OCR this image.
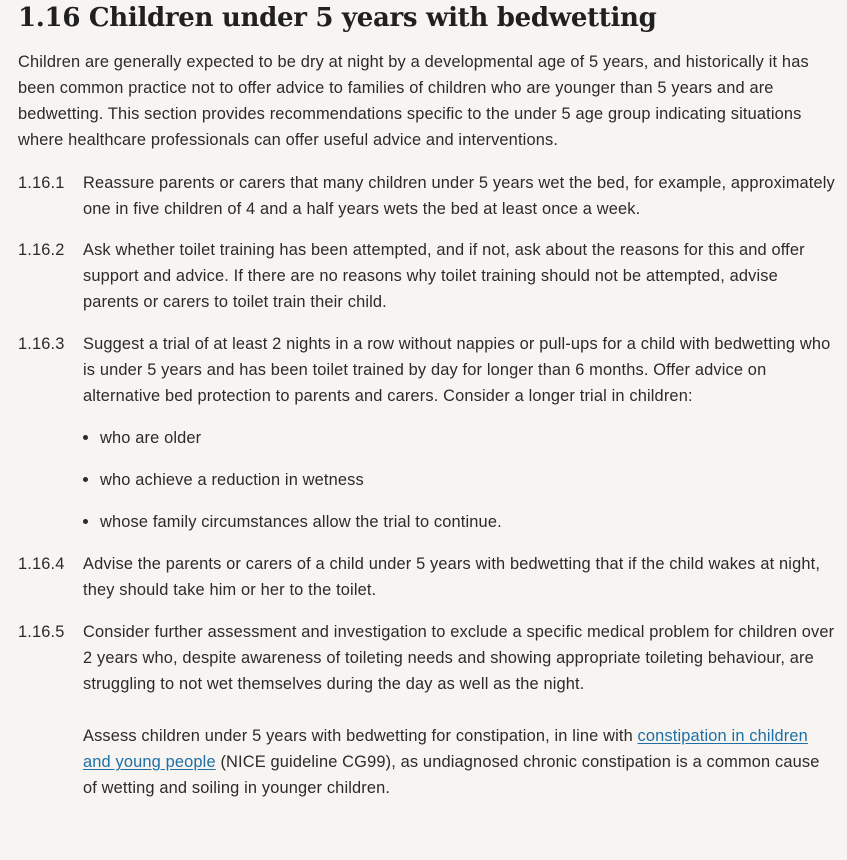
1.16 Children under 5 years with bedwetting

Children are generally expected to be dry at night by a developmental age of 5 years, and historically it has been common practice not to offer advice to families of children who are younger than 5 years and are bedwetting. This section provides recommendations specific to the under 5 age group indicating situations where healthcare professionals can offer useful advice and interventions.

1.16.1	Reassure parents or carers that many children under 5 years wet the bed, for example, approximately one in five children of 4 and a half years wets the bed at least once a week.

1.16.2	Ask whether toilet training has been attempted, and if not, ask about the reasons for this and offer support and advice. If there are no reasons why toilet training should not be attempted, advise parents or carers to toilet train their child.

1.16.3	Suggest a trial of at least 2 nights in a row without nappies or pull-ups for a child with bedwetting who is under 5 years and has been toilet trained by day for longer than 6 months. Offer advice on alternative bed protection to parents and carers. Consider a longer trial in children:

who are older
who achieve a reduction in wetness
whose family circumstances allow the trial to continue.
1.16.4	Advise the parents or carers of a child under 5 years with bedwetting that if the child wakes at night, they should take him or her to the toilet.

1.16.5	Consider further assessment and investigation to exclude a specific medical problem for children over 2 years who, despite awareness of toileting needs and showing appropriate toileting behaviour, are struggling to not wet themselves during the day as well as the night.

Assess children under 5 years with bedwetting for constipation, in line with constipation in children and young people (NICE guideline CG99), as undiagnosed chronic constipation is a common cause of wetting and soiling in younger children.
